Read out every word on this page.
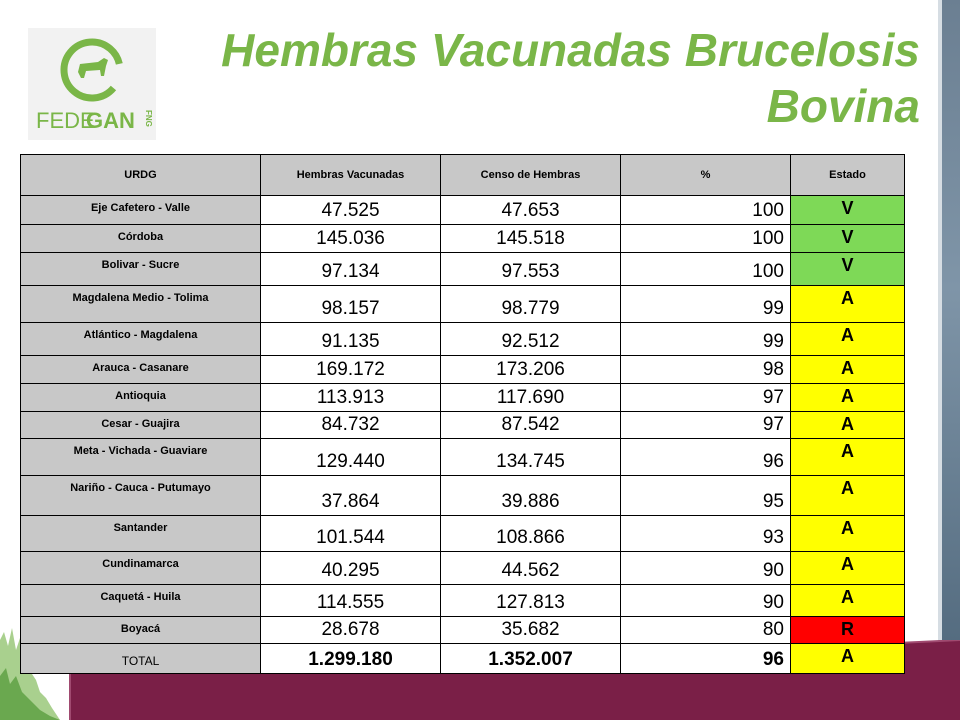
FEDE
GAN FNG
Hembras Vacunadas Brucelosis Bovina
URDG	Hembras Vacunadas	Censo de Hembras	%	Estado
Eje Cafetero - Valle	47.525	47.653	100	V
Córdoba	145.036	145.518	100	V
Bolivar - Sucre	97.134	97.553	100	V
Magdalena Medio - Tolima	98.157	98.779	99	A
Atlántico - Magdalena	91.135	92.512	99	A
Arauca - Casanare	169.172	173.206	98	A
Antioquia	113.913	117.690	97	A
Cesar - Guajira	84.732	87.542	97	A
Meta - Vichada - Guaviare	129.440	134.745	96	A
Nariño - Cauca - Putumayo	37.864	39.886	95	A
Santander	101.544	108.866	93	A
Cundinamarca	40.295	44.562	90	A
Caquetá - Huila	114.555	127.813	90	A
Boyacá	28.678	35.682	80	R
TOTAL	1.299.180	1.352.007	96	A
